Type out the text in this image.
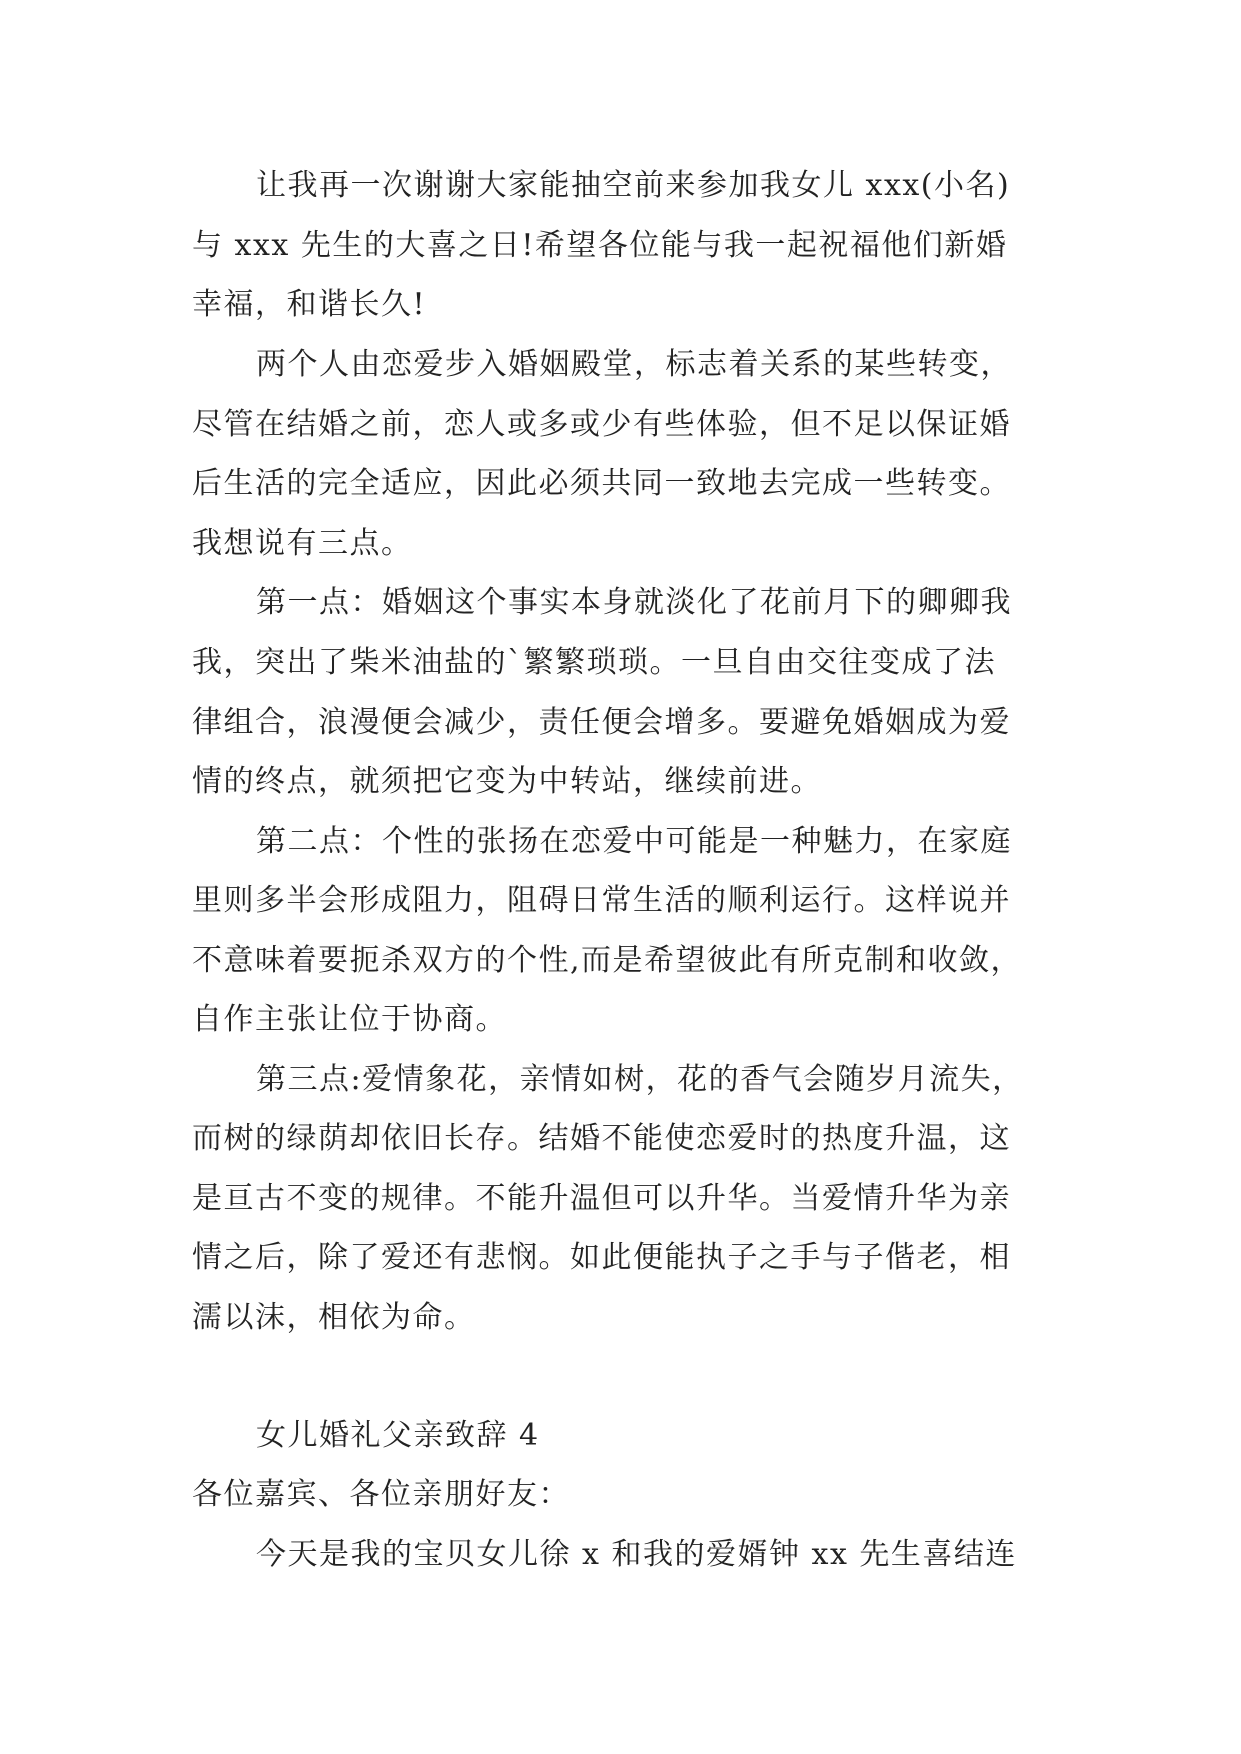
让我再一次谢谢大家能抽空前来参加我女儿 xxx(小名)
与 xxx 先生的大喜之日!希望各位能与我一起祝福他们新婚
幸福，和谐长久!
两个人由恋爱步入婚姻殿堂，标志着关系的某些转变，
尽管在结婚之前，恋人或多或少有些体验，但不足以保证婚
后生活的完全适应，因此必须共同一致地去完成一些转变。
我想说有三点。
第一点：婚姻这个事实本身就淡化了花前月下的卿卿我
我，突出了柴米油盐的`繁繁琐琐。一旦自由交往变成了法
律组合，浪漫便会减少，责任便会增多。要避免婚姻成为爱
情的终点，就须把它变为中转站，继续前进。
第二点：个性的张扬在恋爱中可能是一种魅力，在家庭
里则多半会形成阻力，阻碍日常生活的顺利运行。这样说并
不意味着要扼杀双方的个性,而是希望彼此有所克制和收敛，
自作主张让位于协商。
第三点:爱情象花，亲情如树，花的香气会随岁月流失，
而树的绿荫却依旧长存。结婚不能使恋爱时的热度升温，这
是亘古不变的规律。不能升温但可以升华。当爱情升华为亲
情之后，除了爱还有悲悯。如此便能执子之手与子偕老，相
濡以沫，相依为命。
女儿婚礼父亲致辞 4
各位嘉宾、各位亲朋好友：
今天是我的宝贝女儿徐 x 和我的爱婿钟 xx 先生喜结连
